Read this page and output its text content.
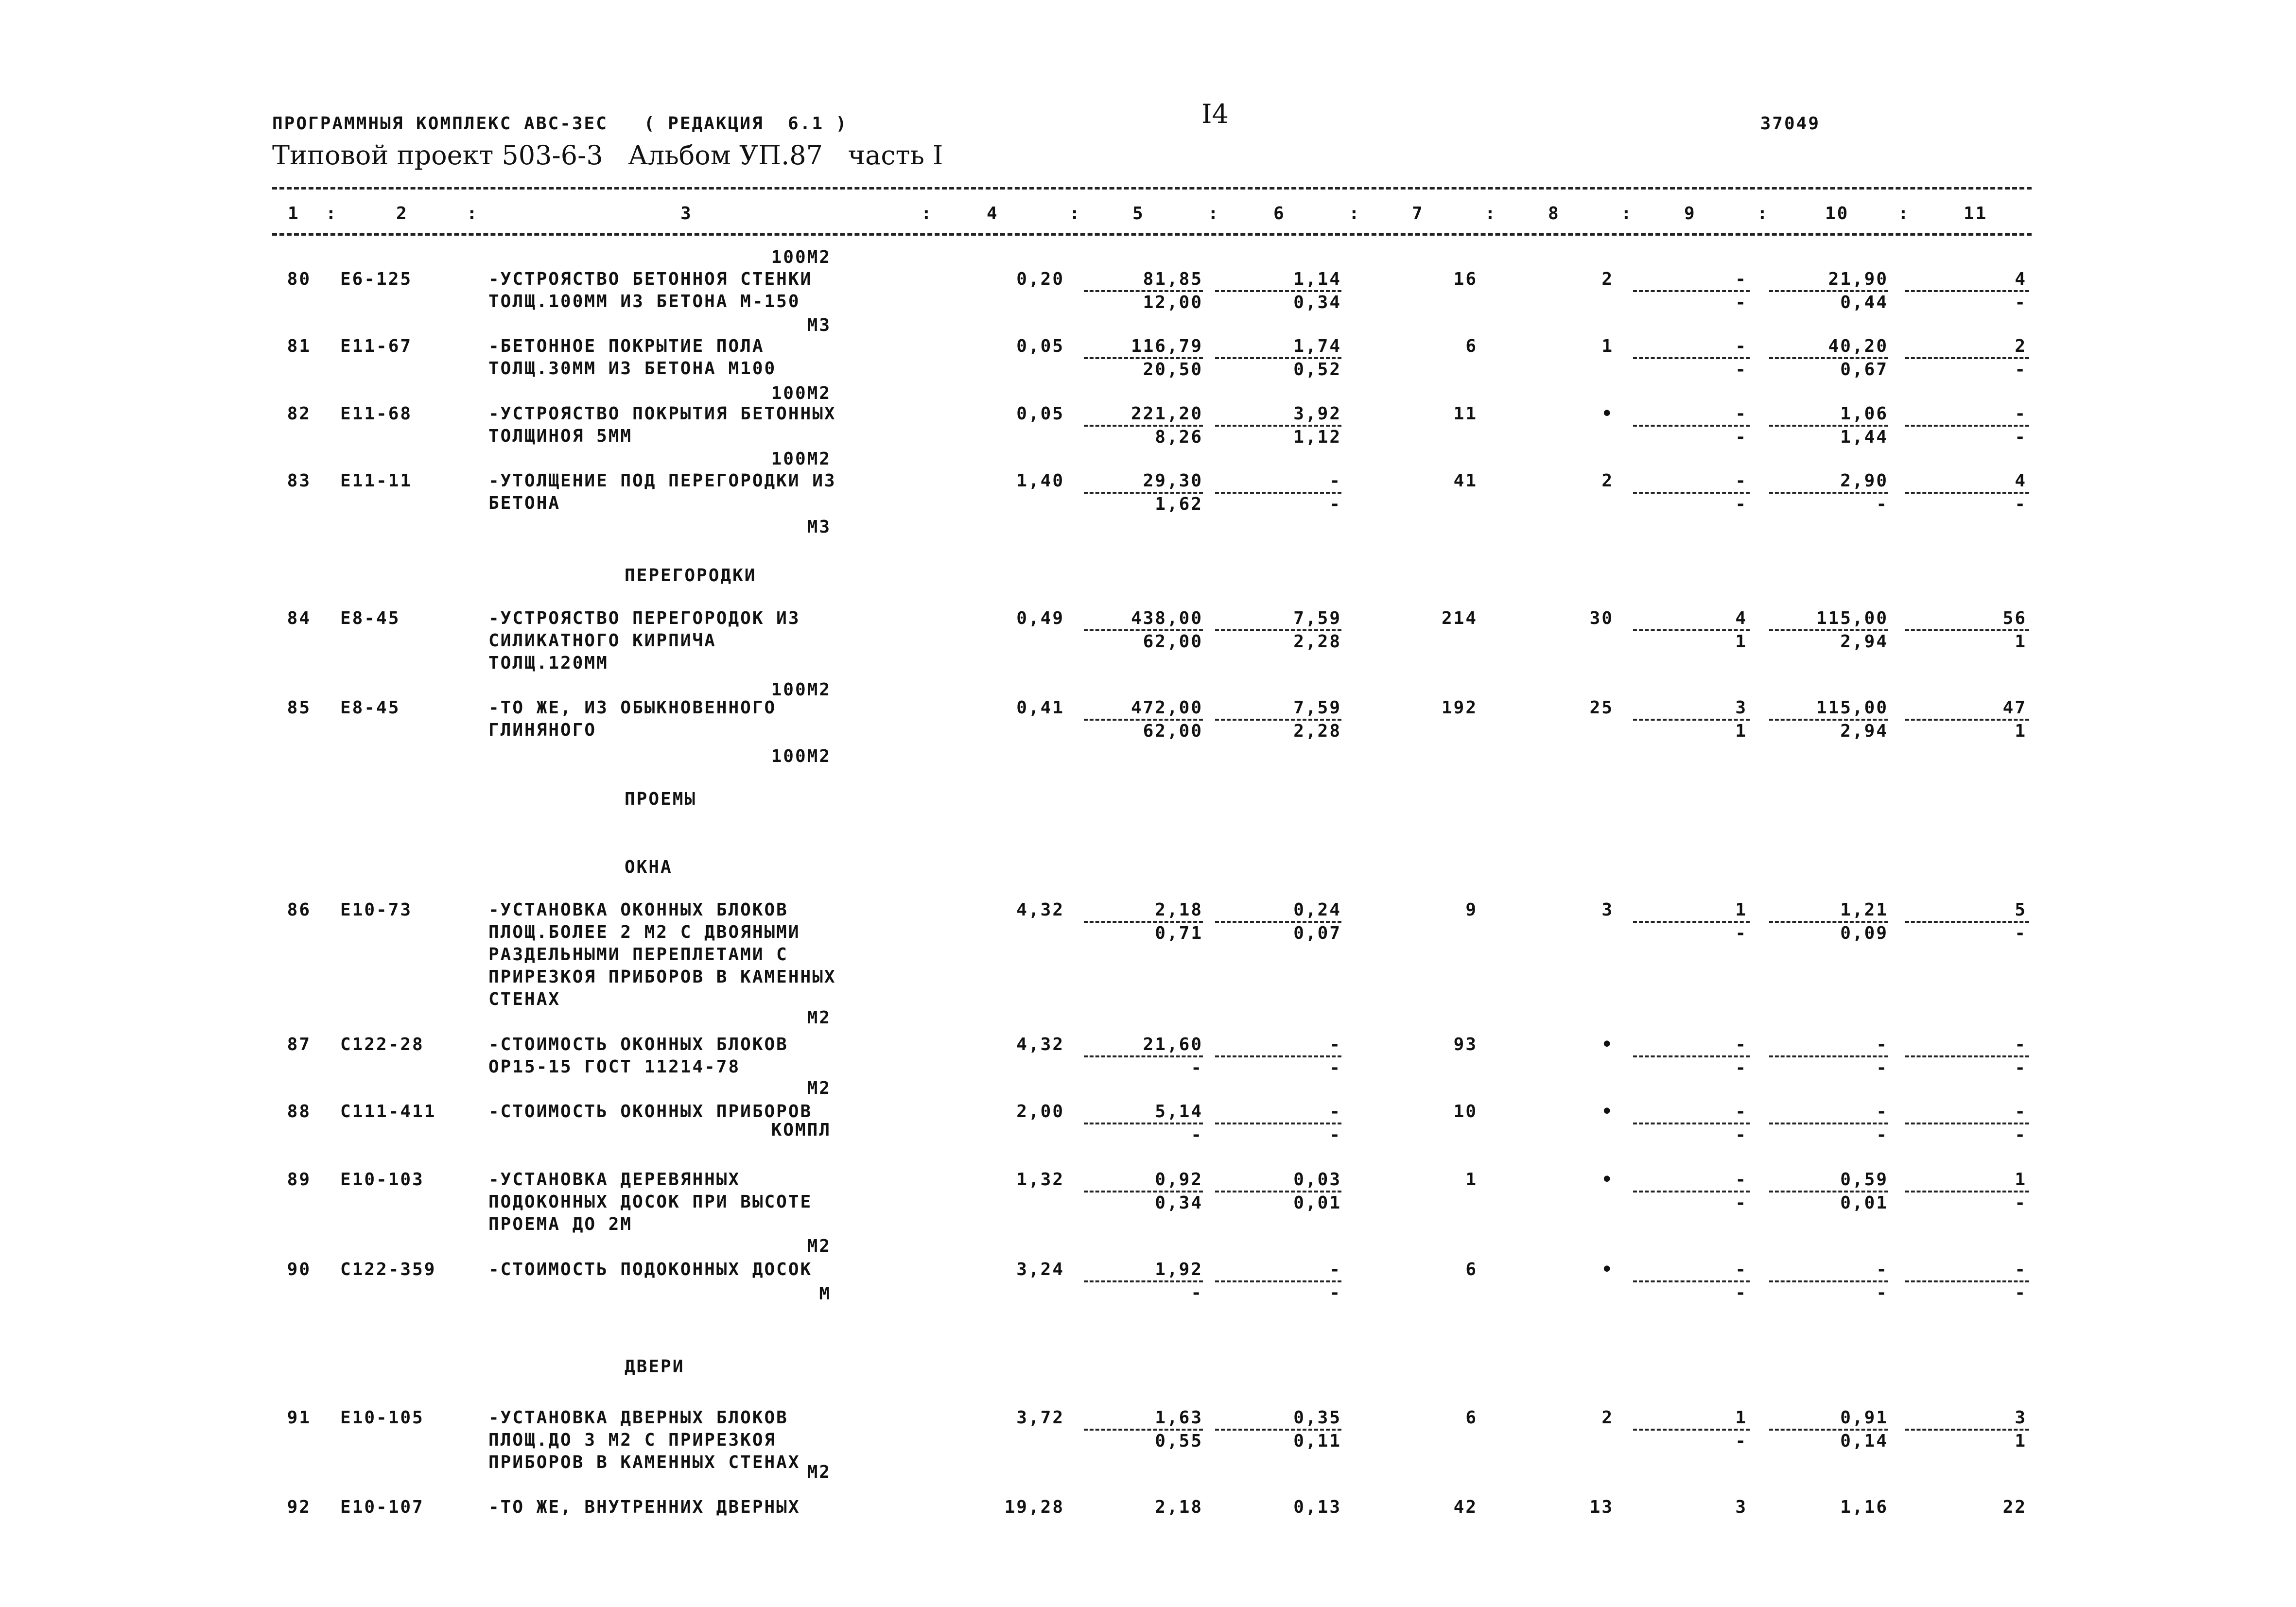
ПРОГРАММНЫЯ КОМПЛЕКС АВС-ЗЕС   ( РЕДАКЦИЯ  6.1 )	I4	37049
Типовой проект 503-6-3   Альбом УП.87   часть I
1	2	3	4	5	6	7	8	9	10	11
:	:	:	:	:	:	:	:	:	:
100М2
80 Е6-125	-УСТРОЯСТВО БЕТОННОЯ СТЕНКИ
ТОЛЩ.100ММ ИЗ БЕТОНА М-150
0,20	81,85	1,14	16	2	-	21,90	4
12,00	0,34	-	0,44	-
М3
81 Е11-67	-БЕТОННОЕ ПОКРЫТИЕ ПОЛА
ТОЛЩ.30ММ ИЗ БЕТОНА М100
0,05	116,79	1,74	6	1	-	40,20	2
20,50	0,52	-	0,67	-
100М2
82 Е11-68	-УСТРОЯСТВО ПОКРЫТИЯ БЕТОННЫХ
ТОЛЩИНОЯ 5ММ
0,05	221,20	3,92	11	•	-	1,06	-
8,26	1,12	-	1,44	-
100М2
83 Е11-11	-УТОЛЩЕНИЕ ПОД ПЕРЕГОРОДКИ ИЗ
БЕТОНА
1,40	29,30	-	41	2	-	2,90	4
1,62	-	-	-	-
М3
84 Е8-45	-УСТРОЯСТВО ПЕРЕГОРОДОК ИЗ
СИЛИКАТНОГО КИРПИЧА
ТОЛЩ.120ММ
0,49	438,00	7,59	214	30	4	115,00	56
62,00	2,28	1	2,94	1
100М2
85 Е8-45	-ТО ЖЕ, ИЗ ОБЫКНОВЕННОГО
ГЛИНЯНОГО
0,41	472,00	7,59	192	25	3	115,00	47
62,00	2,28	1	2,94	1
100М2
86 Е10-73	-УСТАНОВКА ОКОННЫХ БЛОКОВ
ПЛОЩ.БОЛЕЕ 2 М2 С ДВОЯНЫМИ
РАЗДЕЛЬНЫМИ ПЕРЕПЛЕТАМИ С
ПРИРЕЗКОЯ ПРИБОРОВ В КАМЕННЫХ
СТЕНАХ
4,32	2,18	0,24	9	3	1	1,21	5
0,71	0,07	-	0,09	-
М2
87 С122-28	-СТОИМОСТЬ ОКОННЫХ БЛОКОВ
ОР15-15 ГОСТ 11214-78
4,32	21,60	-	93	•	-	-	-
-	-	-	-	-
М2
88 С111-411	-СТОИМОСТЬ ОКОННЫХ ПРИБОРОВ	2,00	5,14	-	10	•	-	-	-
-	-	-	-	-
КОМПЛ
89 Е10-103	-УСТАНОВКА ДЕРЕВЯННЫХ
ПОДОКОННЫХ ДОСОК ПРИ ВЫСОТЕ
ПРОЕМА ДО 2М
1,32	0,92	0,03	1	•	-	0,59	1
0,34	0,01	-	0,01	-
М2
90 С122-359	-СТОИМОСТЬ ПОДОКОННЫХ ДОСОК	3,24	1,92	-	6	•	-	-	-
-	-	-	-	-
М
91 Е10-105	-УСТАНОВКА ДВЕРНЫХ БЛОКОВ
ПЛОЩ.ДО 3 М2 С ПРИРЕЗКОЯ
ПРИБОРОВ В КАМЕННЫХ СТЕНАХ
3,72	1,63	0,35	6	2	1	0,91	3
0,55	0,11	-	0,14	1
М2
92 Е10-107	-ТО ЖЕ, ВНУТРЕННИХ ДВЕРНЫХ	19,28	2,18	0,13	42	13	3	1,16	22
ПЕРЕГОРОДКИ
ПРОЕМЫ
ОКНА
ДВЕРИ
